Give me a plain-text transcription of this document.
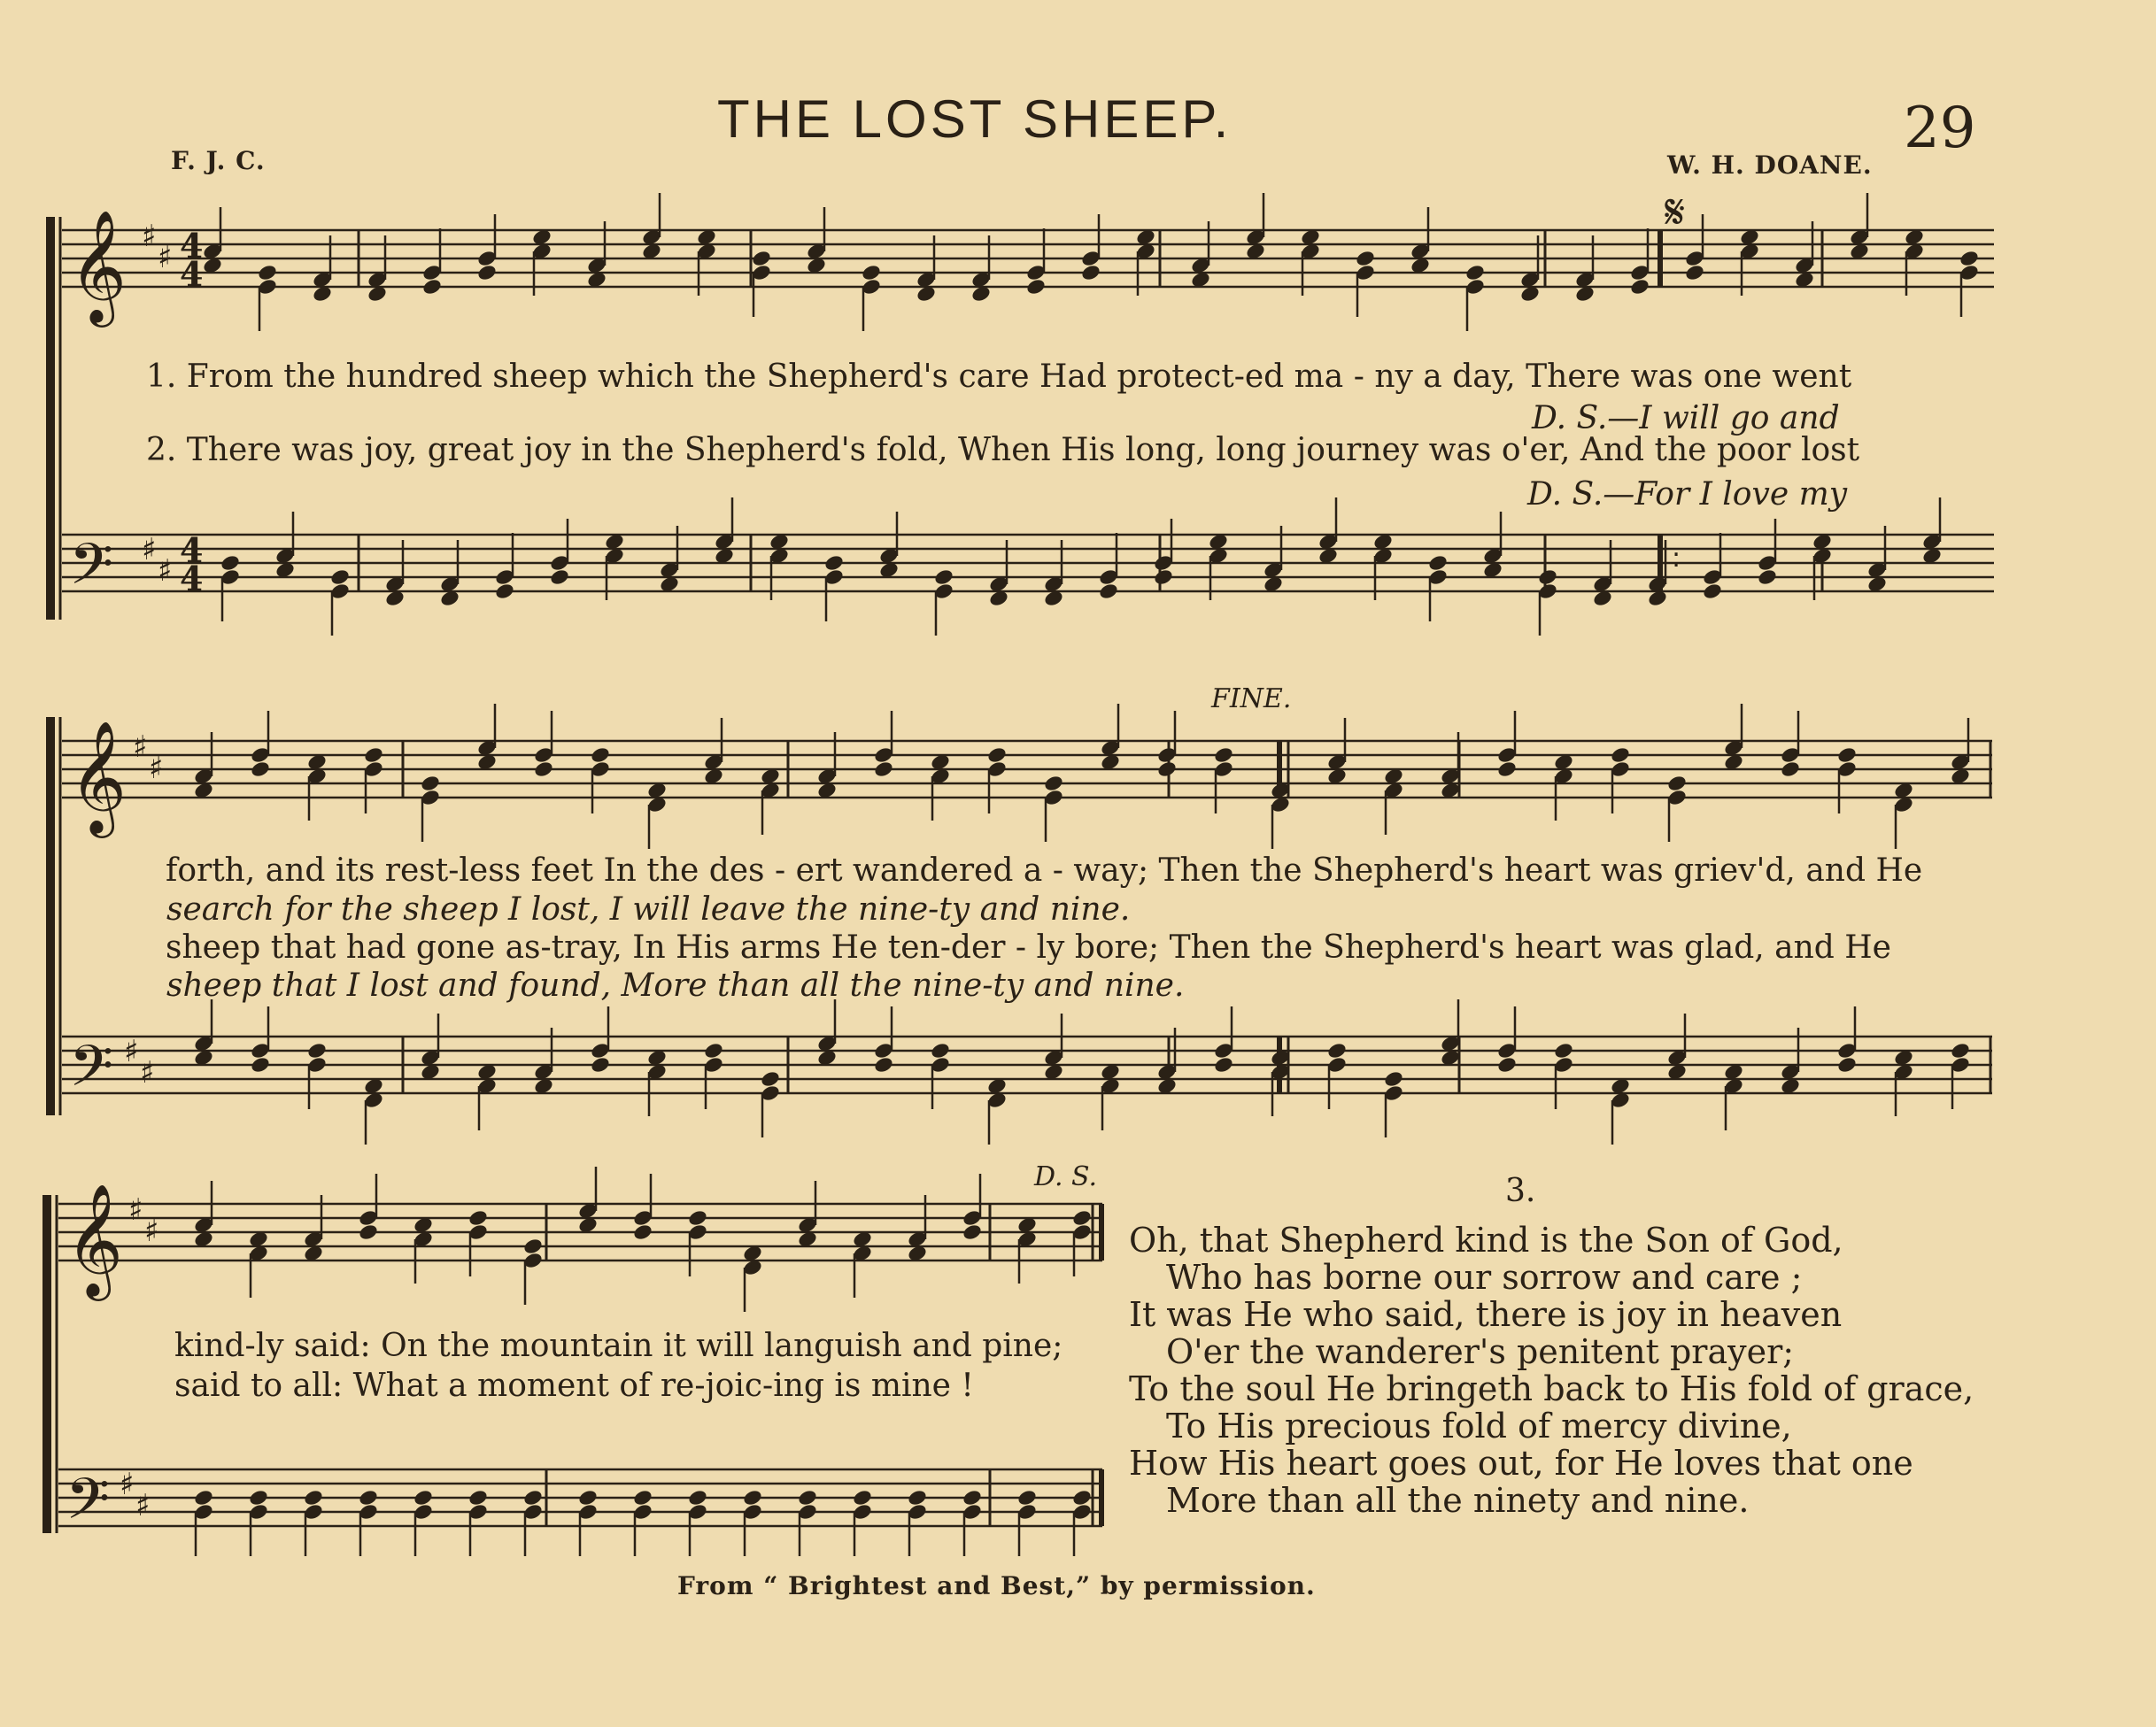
THE LOST SHEEP.	29
F. J. C.	W. H. DOANE.
𝄋
𝄞
𝄢
♯
♯
♯
♯	:
4
4
4
4
1. From the hundred sheep which the Shepherd's care Had protect-ed ma - ny a day, There was one went
D. S.—I will go and
2. There was joy, great joy in the Shepherd's fold, When His long, long journey was o'er, And the poor lost
D. S.—For I love my
𝄞
𝄢
♯
♯
♯
♯
FINE.
forth, and its rest-less feet In the des - ert wandered a - way; Then the Shepherd's heart was griev'd, and He
search for the sheep I lost, I will leave the nine-ty and nine.
sheep that had gone as-tray, In His arms He ten-der - ly bore; Then the Shepherd's heart was glad, and He
sheep that I lost and found, More than all the nine-ty and nine.
𝄞
𝄢
♯
♯
♯
♯
D. S.
kind-ly said: On the mountain it will languish and pine;
said to all: What a moment of re-joic-ing is mine !
3.
Oh, that Shepherd kind is the Son of God,
Who has borne our sorrow and care ;
It was He who said, there is joy in heaven
O'er the wanderer's penitent prayer;
To the soul He bringeth back to His fold of grace,
To His precious fold of mercy divine,
How His heart goes out, for He loves that one
More than all the ninety and nine.
From “ Brightest and Best,” by permission.
